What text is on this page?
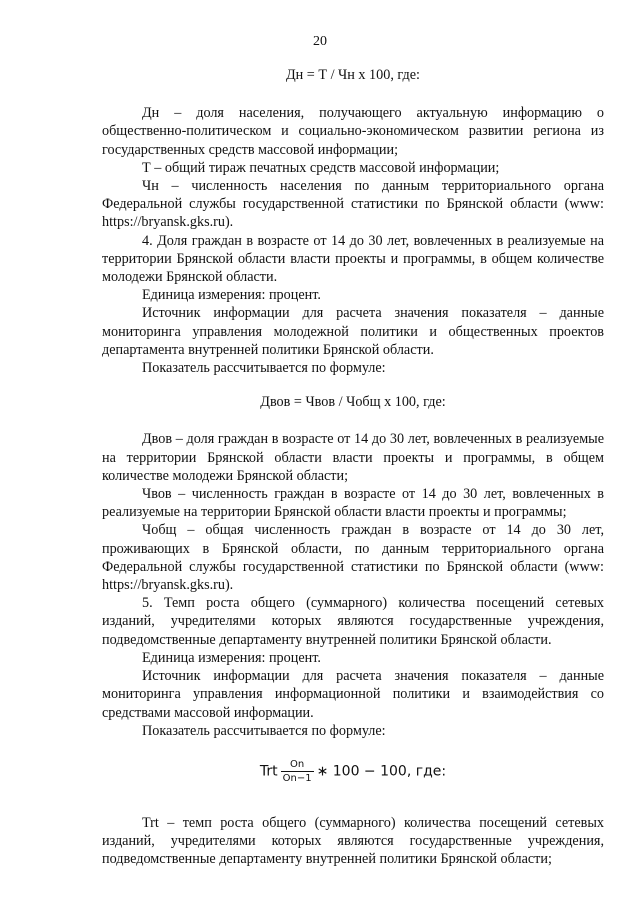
20

Дн = Т / Чн х 100, где:

Дн – доля населения, получающего актуальную информацию о общественно-политическом и социально-экономическом развитии региона из государственных средств массовой информации;

Т – общий тираж печатных средств массовой информации;

Чн – численность населения по данным территориального органа Федеральной службы государственной статистики по Брянской области (www: https://bryansk.gks.ru).

4. Доля граждан в возрасте от 14 до 30 лет, вовлеченных в реализуемые на территории Брянской области власти проекты и программы, в общем количестве молодежи Брянской области.

Единица измерения: процент.

Источник информации для расчета значения показателя – данные мониторинга управления молодежной политики и общественных проектов департамента внутренней политики Брянской области.

Показатель рассчитывается по формуле:

Двов = Чвов / Чобщ х 100, где:

Двов – доля граждан в возрасте от 14 до 30 лет, вовлеченных в реализуемые на территории Брянской области власти проекты и программы, в общем количестве молодежи Брянской области;

Чвов – численность граждан в возрасте от 14 до 30 лет, вовлеченных в реализуемые на территории Брянской области власти проекты и программы;

Чобщ – общая численность граждан в возрасте от 14 до 30 лет, проживающих в Брянской области, по данным территориального органа Федеральной службы государственной статистики по Брянской области (www: https://bryansk.gks.ru).

5. Темп роста общего (суммарного) количества посещений сетевых изданий, учредителями которых являются государственные учреждения, подведомственные департаменту внутренней политики Брянской области.

Единица измерения: процент.

Источник информации для расчета значения показателя – данные мониторинга управления информационной политики и взаимодействия со средствами массовой информации.

Показатель рассчитывается по формуле:

Trt $\frac{On}{On-1}$ ∗ 100 − 100, где:

Trt – темп роста общего (суммарного) количества посещений сетевых изданий, учредителями которых являются государственные учреждения, подведомственные департаменту внутренней политики Брянской области;
